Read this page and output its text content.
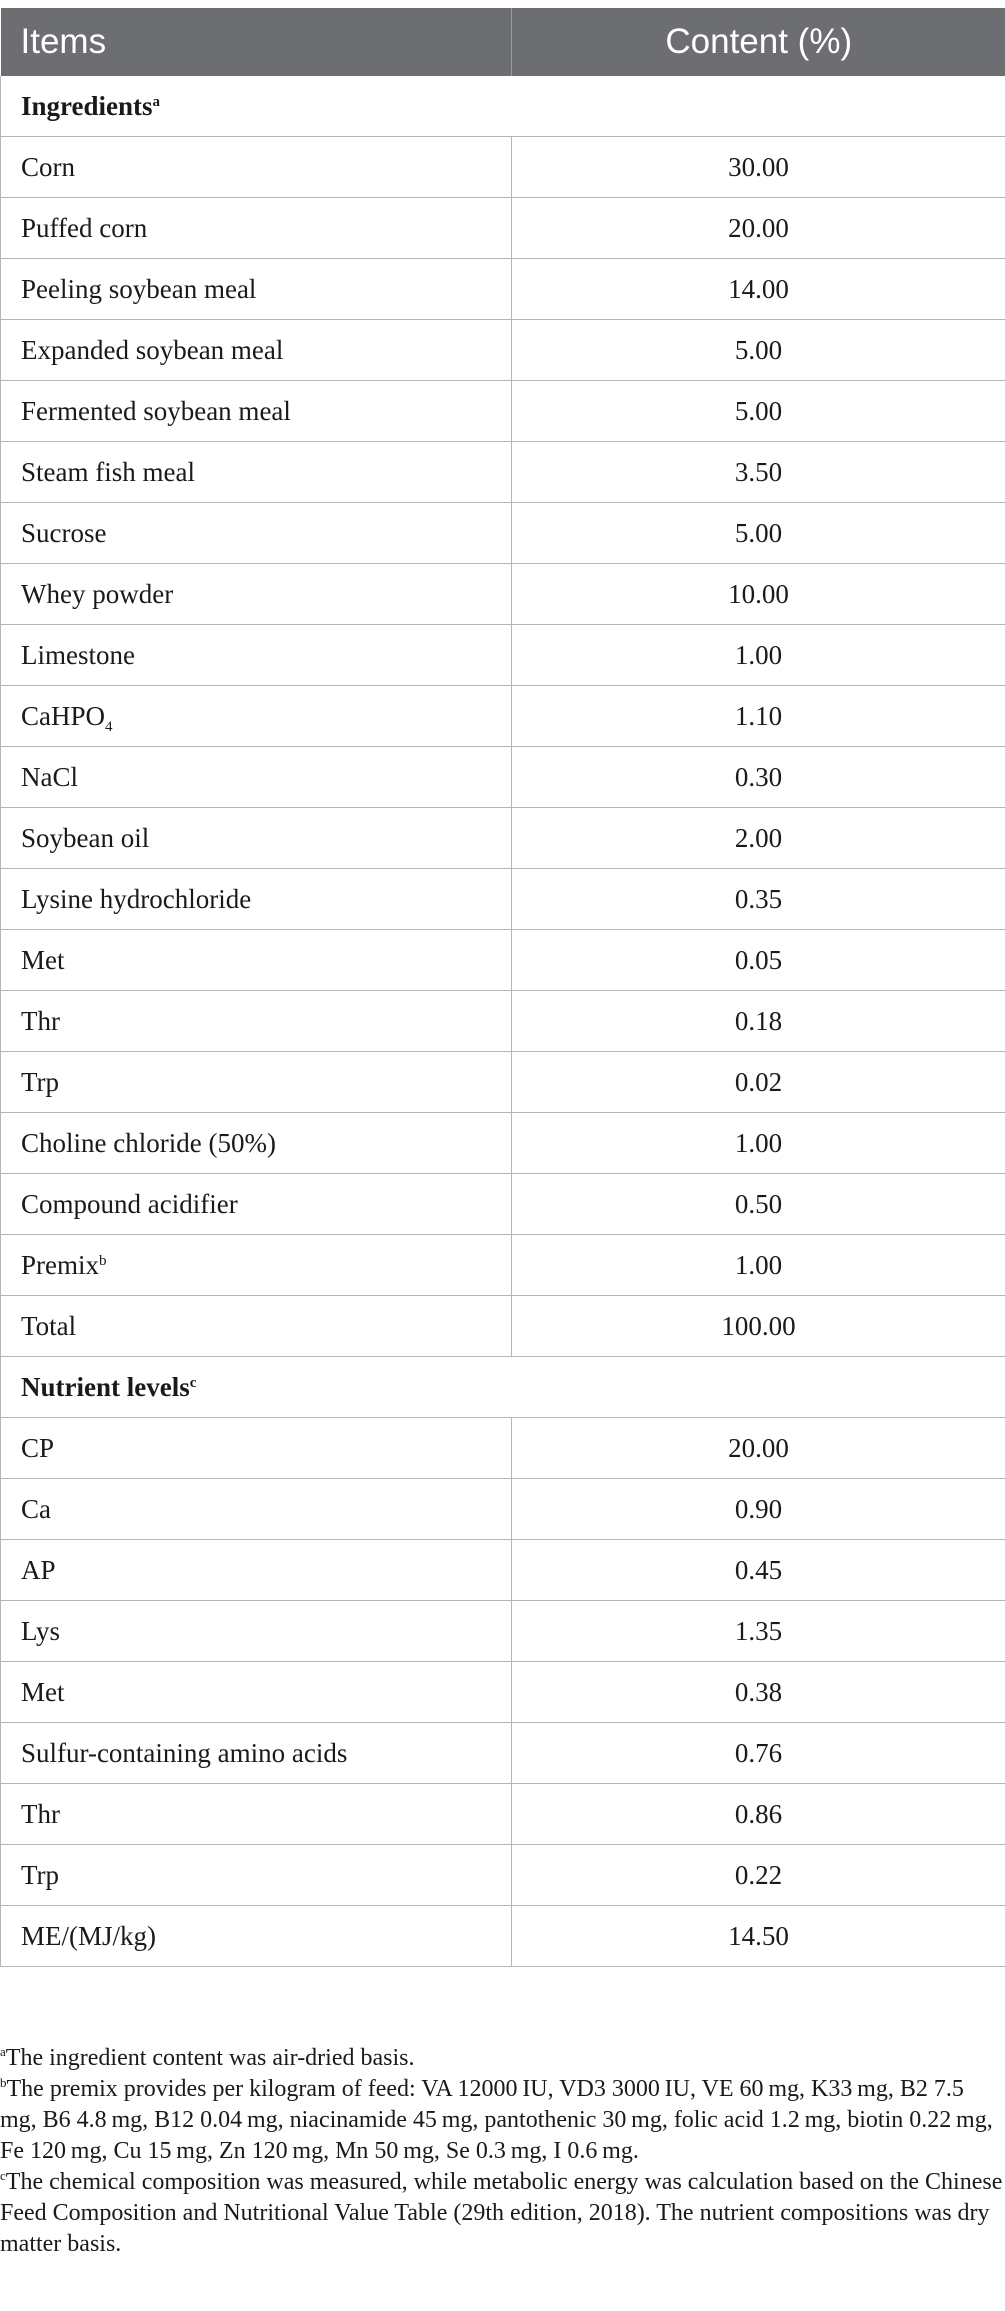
Items	Content (%)
Ingredients$^a$
Corn	30.00
Puffed corn	20.00
Peeling soybean meal	14.00
Expanded soybean meal	5.00
Fermented soybean meal	5.00
Steam fish meal	3.50
Sucrose	5.00
Whey powder	10.00
Limestone	1.00
CaHPO$_4$	1.10
NaCl	0.30
Soybean oil	2.00
Lysine hydrochloride	0.35
Met	0.05
Thr	0.18
Trp	0.02
Choline chloride (50%)	1.00
Compound acidifier	0.50
Premix$^b$	1.00
Total	100.00
Nutrient levels$^c$
CP	20.00
Ca	0.90
AP	0.45
Lys	1.35
Met	0.38
Sulfur-containing amino acids	0.76
Thr	0.86
Trp	0.22
ME/(MJ/kg)	14.50

$^a$The ingredient content was air-dried basis.

$^b$The premix provides per kilogram of feed: VA 12000 IU, VD3 3000 IU, VE 60 mg, K33 mg, B2 7.5 mg, B6 4.8 mg, B12 0.04 mg, niacinamide 45 mg, pantothenic 30 mg, folic acid 1.2 mg, biotin 0.22 mg, Fe 120 mg, Cu 15 mg, Zn 120 mg, Mn 50 mg, Se 0.3 mg, I 0.6 mg.

$^c$The chemical composition was measured, while metabolic energy was calculation based on the Chinese Feed Composition and Nutritional Value Table (29th edition, 2018). The nutrient compositions was dry matter basis.
